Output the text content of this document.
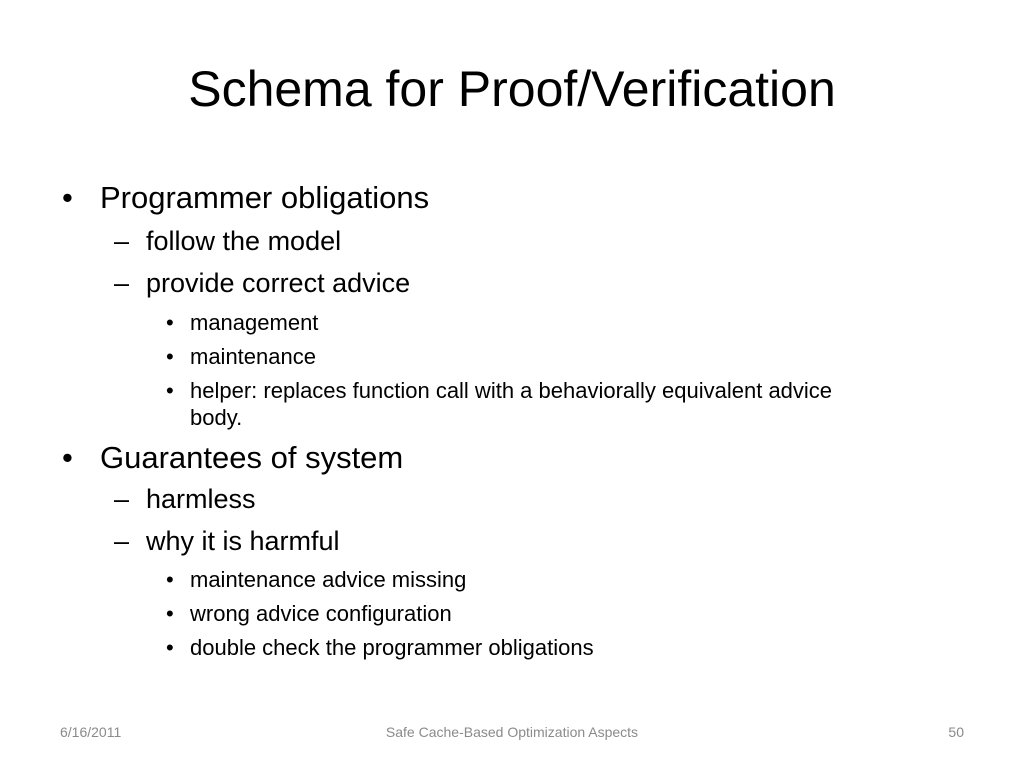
Schema for Proof/Verification
• Programmer obligations
– follow the model
– provide correct advice
• management
• maintenance
• helper: replaces function call with a behaviorally equivalent advice
body.
• Guarantees of system
– harmless
– why it is harmful
• maintenance advice missing
• wrong advice configuration
• double check the programmer obligations
6/16/2011	Safe Cache-Based Optimization Aspects	50
